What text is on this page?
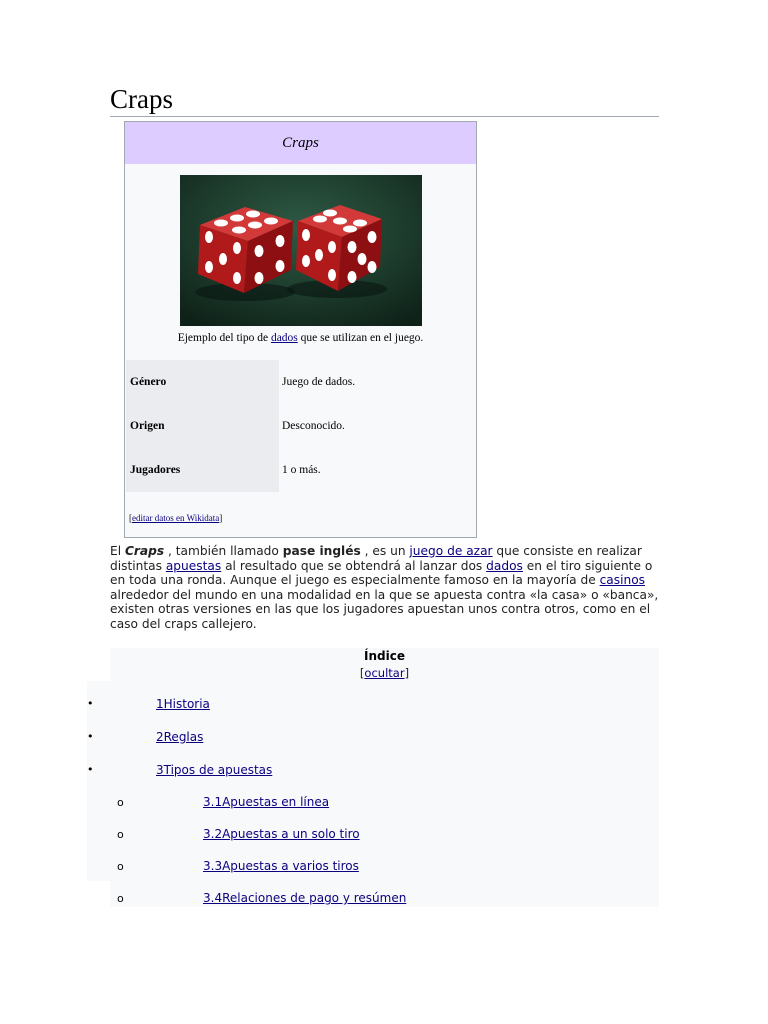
Craps
Craps
Ejemplo del tipo de dados que se utilizan en el juego.
Género	Juego de dados.
Origen	Desconocido.
Jugadores	1 o más.
[editar datos en Wikidata]

El Craps , también llamado pase inglés , es un juego de azar que consiste en realizar distintas apuestas al resultado que se obtendrá al lanzar dos dados en el tiro siguiente o en toda una ronda. Aunque el juego es especialmente famoso en la mayoría de casinos alrededor del mundo en una modalidad en la que se apuesta contra «la casa» o «banca», existen otras versiones en las que los jugadores apuestan unos contra otros, como en el caso del craps callejero.

Índice
[ocultar]
•	1Historia
•	2Reglas
•	3Tipos de apuestas
o	3.1Apuestas en línea
o	3.2Apuestas a un solo tiro
o	3.3Apuestas a varios tiros
o	3.4Relaciones de pago y resúmen
